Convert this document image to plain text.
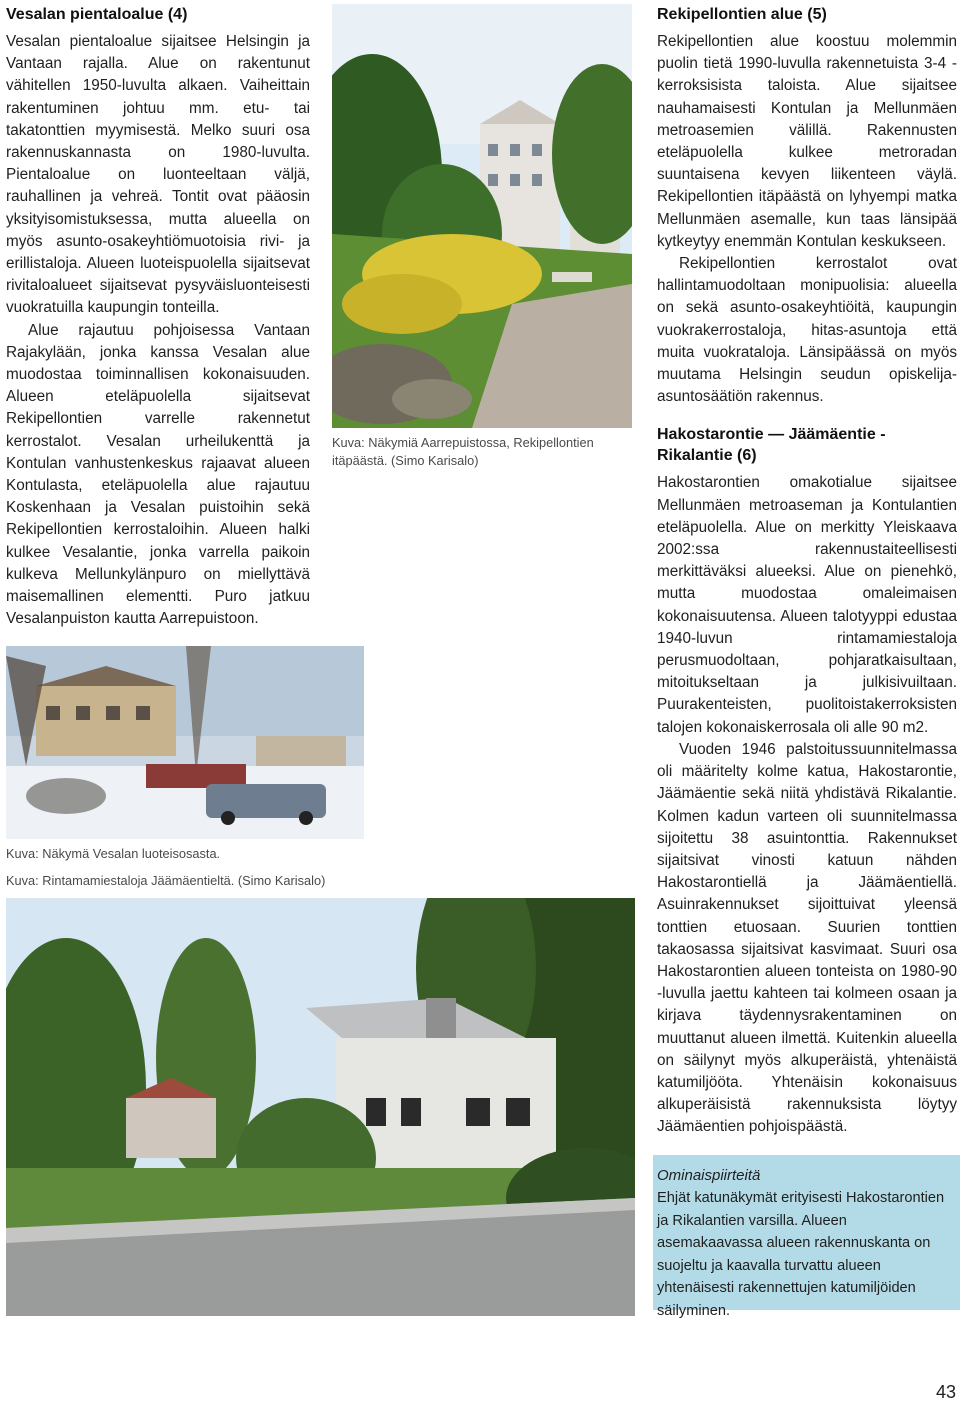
Vesalan pientaloalue (4)

Vesalan pientaloalue sijaitsee Helsingin ja Vantaan rajalla. Alue on rakentunut vähitellen 1950-luvulta alkaen. Vaiheittain rakentuminen johtuu mm. etu- tai takatonttien myymisestä. Melko suuri osa rakennuskannasta on 1980-luvulta. Pientaloalue on luonteeltaan väljä, rauhallinen ja vehreä. Tontit ovat pääosin yksityisomistuksessa, mutta alueella on myös asunto-osakeyhtiömuotoisia rivi- ja erillistaloja. Alueen luoteispuolella sijaitsevat rivitaloalueet sijaitsevat pysyväisluonteisesti vuokratuilla kaupungin tonteilla.

Alue rajautuu pohjoisessa Vantaan Rajakylään, jonka kanssa Vesalan alue muodostaa toiminnallisen kokonaisuuden. Alueen eteläpuolella sijaitsevat Rekipellontien varrelle rakennetut kerrostalot. Vesalan urheilukenttä ja Kontulan vanhustenkeskus rajaavat alueen Kontulasta, eteläpuolella alue rajautuu Koskenhaan ja Vesalan puistoihin sekä Rekipellontien kerrostaloihin. Alueen halki kulkee Vesalantie, jonka varrella paikoin kulkeva Mellunkylänpuro on miellyttävä maisemallinen elementti. Puro jatkuu Vesalanpuiston kautta Aarrepuistoon.

Kuva: Näkymiä Aarrepuistossa, Rekipellontien itäpäästä. (Simo Karisalo)
Kuva: Näkymä Vesalan luoteisosasta.
Kuva: Rintamamiestaloja Jäämäentieltä. (Simo Karisalo)
Rekipellontien alue (5)

Rekipellontien alue koostuu molemmin puolin tietä 1990-luvulla rakennetuista 3-4 -kerroksisista taloista. Alue sijaitsee nauhamaisesti Kontulan ja Mellunmäen metroasemien välillä. Rakennusten eteläpuolella kulkee metroradan suuntaisena kevyen liikenteen väylä. Rekipellontien itäpäästä on lyhyempi matka Mellunmäen asemalle, kun taas länsipää kytkeytyy enemmän Kontulan keskukseen.

Rekipellontien kerrostalot ovat hallintamuodoltaan monipuolisia: alueella on sekä asunto-osakeyhtiöitä, kaupungin vuokrakerrostaloja, hitas-asuntoja että muita vuokrataloja. Länsipäässä on myös muutama Helsingin seudun opiskelija-asuntosäätiön rakennus.

Hakostarontie — Jäämäentie - Rikalantie (6)

Hakostarontien omakotialue sijaitsee Mellunmäen metroaseman ja Kontulantien eteläpuolella. Alue on merkitty Yleiskaava 2002:ssa rakennustaiteellisesti merkittäväksi alueeksi. Alue on pienehkö, mutta muodostaa omaleimaisen kokonaisuutensa. Alueen talotyyppi edustaa 1940-luvun rintamamiestaloja perusmuodoltaan, pohjaratkaisultaan, mitoitukseltaan ja julkisivuiltaan. Puurakenteisten, puolitoistakerroksisten talojen kokonaiskerrosala oli alle 90 m2.

Vuoden 1946 palstoitussuunnitelmassa oli määritelty kolme katua, Hakostarontie, Jäämäentie sekä niitä yhdistävä Rikalantie. Kolmen kadun varteen oli suunnitelmassa sijoitettu 38 asuintonttia. Rakennukset sijaitsivat vinosti katuun nähden Hakostarontiellä ja Jäämäentiellä. Asuinrakennukset sijoittuivat yleensä tonttien etuosaan. Suurien tonttien takaosassa sijaitsivat kasvimaat. Suuri osa Hakostarontien alueen tonteista on 1980-90 -luvulla jaettu kahteen tai kolmeen osaan ja kirjava täydennysrakentaminen on muuttanut alueen ilmettä. Kuitenkin alueella on säilynyt myös alkuperäistä, yhtenäistä katumiljööta. Yhtenäisin kokonaisuus alkuperäisistä rakennuksista löytyy Jäämäentien pohjoispäästä.

Ominaispiirteitä
Ehjät katunäkymät erityisesti Hakostarontien ja Rikalantien varsilla. Alueen asemakaavassa alueen rakennuskanta on suojeltu ja kaavalla turvattu alueen yhtenäisesti rakennettujen katumiljöiden säilyminen.
43
